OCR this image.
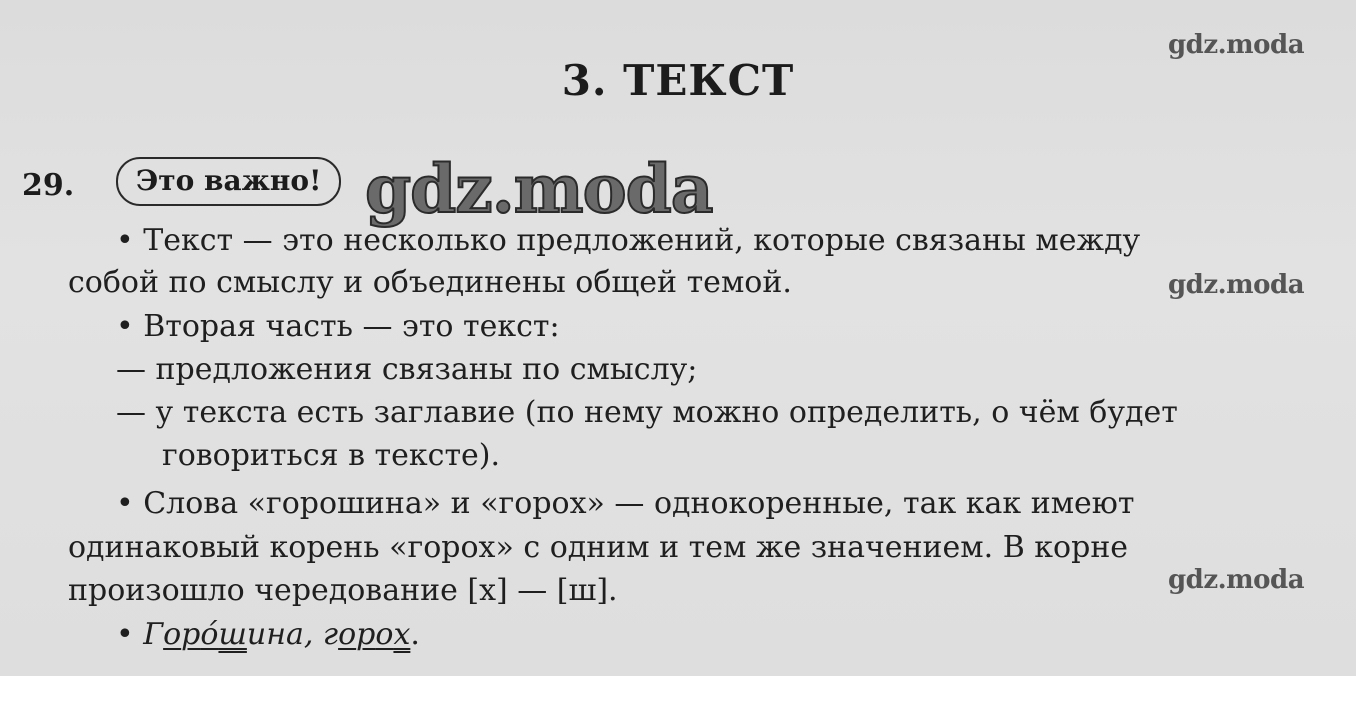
gdz.moda
gdz.moda
gdz.moda
3. ТЕКСТ
29.	Это важно! gdz.moda
• Текст — это несколько предложений, которые связаны между
собой по смыслу и объединены общей темой.
• Вторая часть — это текст:
— предложения связаны по смыслу;
— у текста есть заглавие (по нему можно определить, о чём будет
говориться в тексте).
• Слова «горошина» и «горох» — однокоренные, так как имеют
одинаковый корень «горох» с одним и тем же значением. В корне
произошло чередование [х] — [ш].
• Горо́шина, горох.
